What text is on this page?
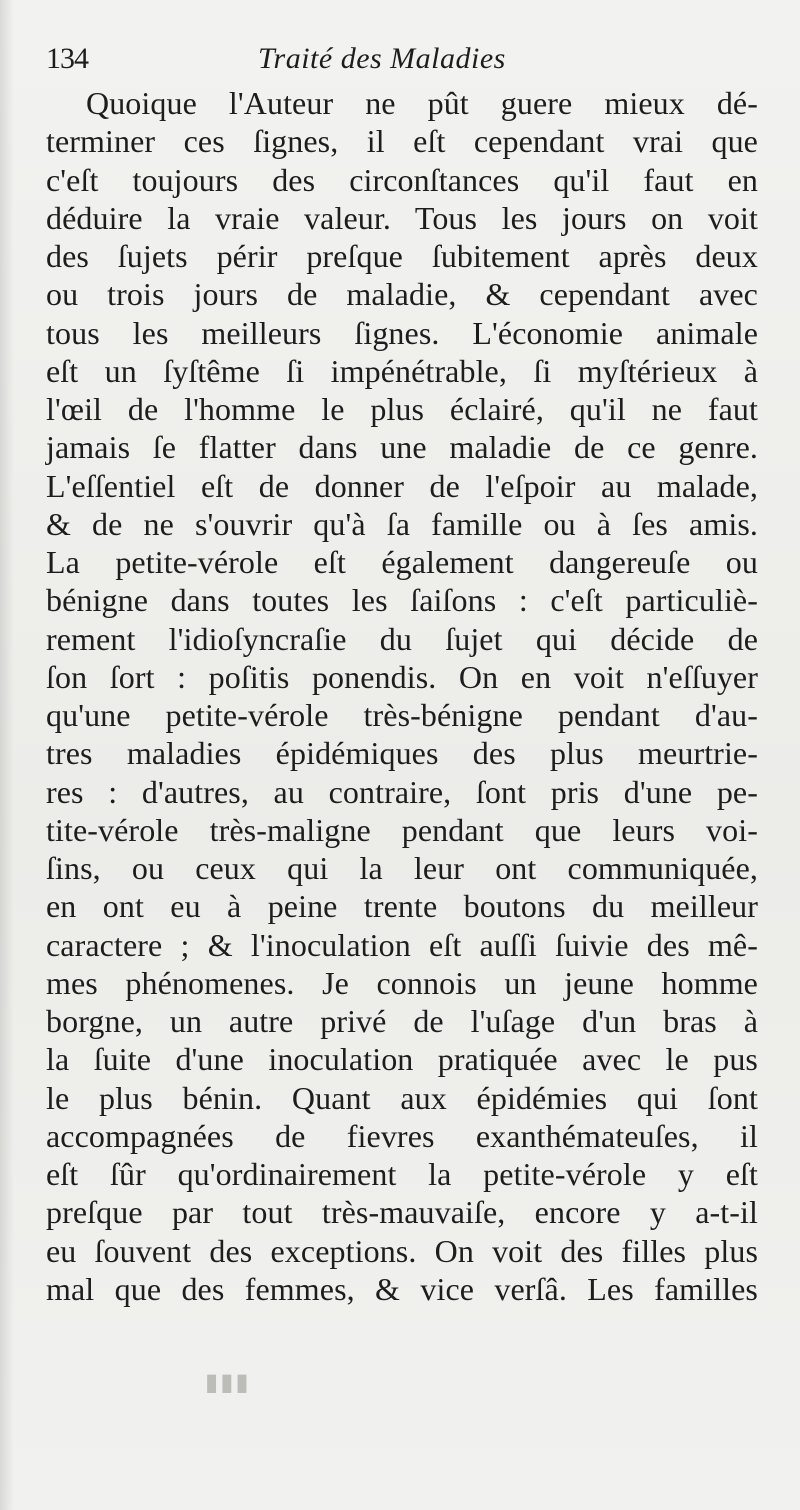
134	Traité des Maladies
Quoique l'Auteur ne pût guere mieux dé-
terminer ces ſignes, il eſt cependant vrai que
c'eſt toujours des circonſtances qu'il faut en
déduire la vraie valeur. Tous les jours on voit
des ſujets périr preſque ſubitement après deux
ou trois jours de maladie, & cependant avec
tous les meilleurs ſignes. L'économie animale
eſt un ſyſtême ſi impénétrable, ſi myſtérieux à
l'œil de l'homme le plus éclairé, qu'il ne faut
jamais ſe flatter dans une maladie de ce genre.
L'eſſentiel eſt de donner de l'eſpoir au malade,
& de ne s'ouvrir qu'à ſa famille ou à ſes amis.
La petite-vérole eſt également dangereuſe ou
bénigne dans toutes les ſaiſons : c'eſt particuliè-
rement l'idioſyncraſie du ſujet qui décide de
ſon ſort : poſitis ponendis. On en voit n'eſſuyer
qu'une petite-vérole très-bénigne pendant d'au-
tres maladies épidémiques des plus meurtrie-
res : d'autres, au contraire, ſont pris d'une pe-
tite-vérole très-maligne pendant que leurs voi-
ſins, ou ceux qui la leur ont communiquée,
en ont eu à peine trente boutons du meilleur
caractere ; & l'inoculation eſt auſſi ſuivie des mê-
mes phénomenes. Je connois un jeune homme
borgne, un autre privé de l'uſage d'un bras à
la ſuite d'une inoculation pratiquée avec le pus
le plus bénin. Quant aux épidémies qui ſont
accompagnées de fievres exanthémateuſes, il
eſt ſûr qu'ordinairement la petite-vérole y eſt
preſque par tout très-mauvaiſe, encore y a-t-il
eu ſouvent des exceptions. On voit des filles plus
mal que des femmes, & vice verſâ. Les familles
▮▮▮
